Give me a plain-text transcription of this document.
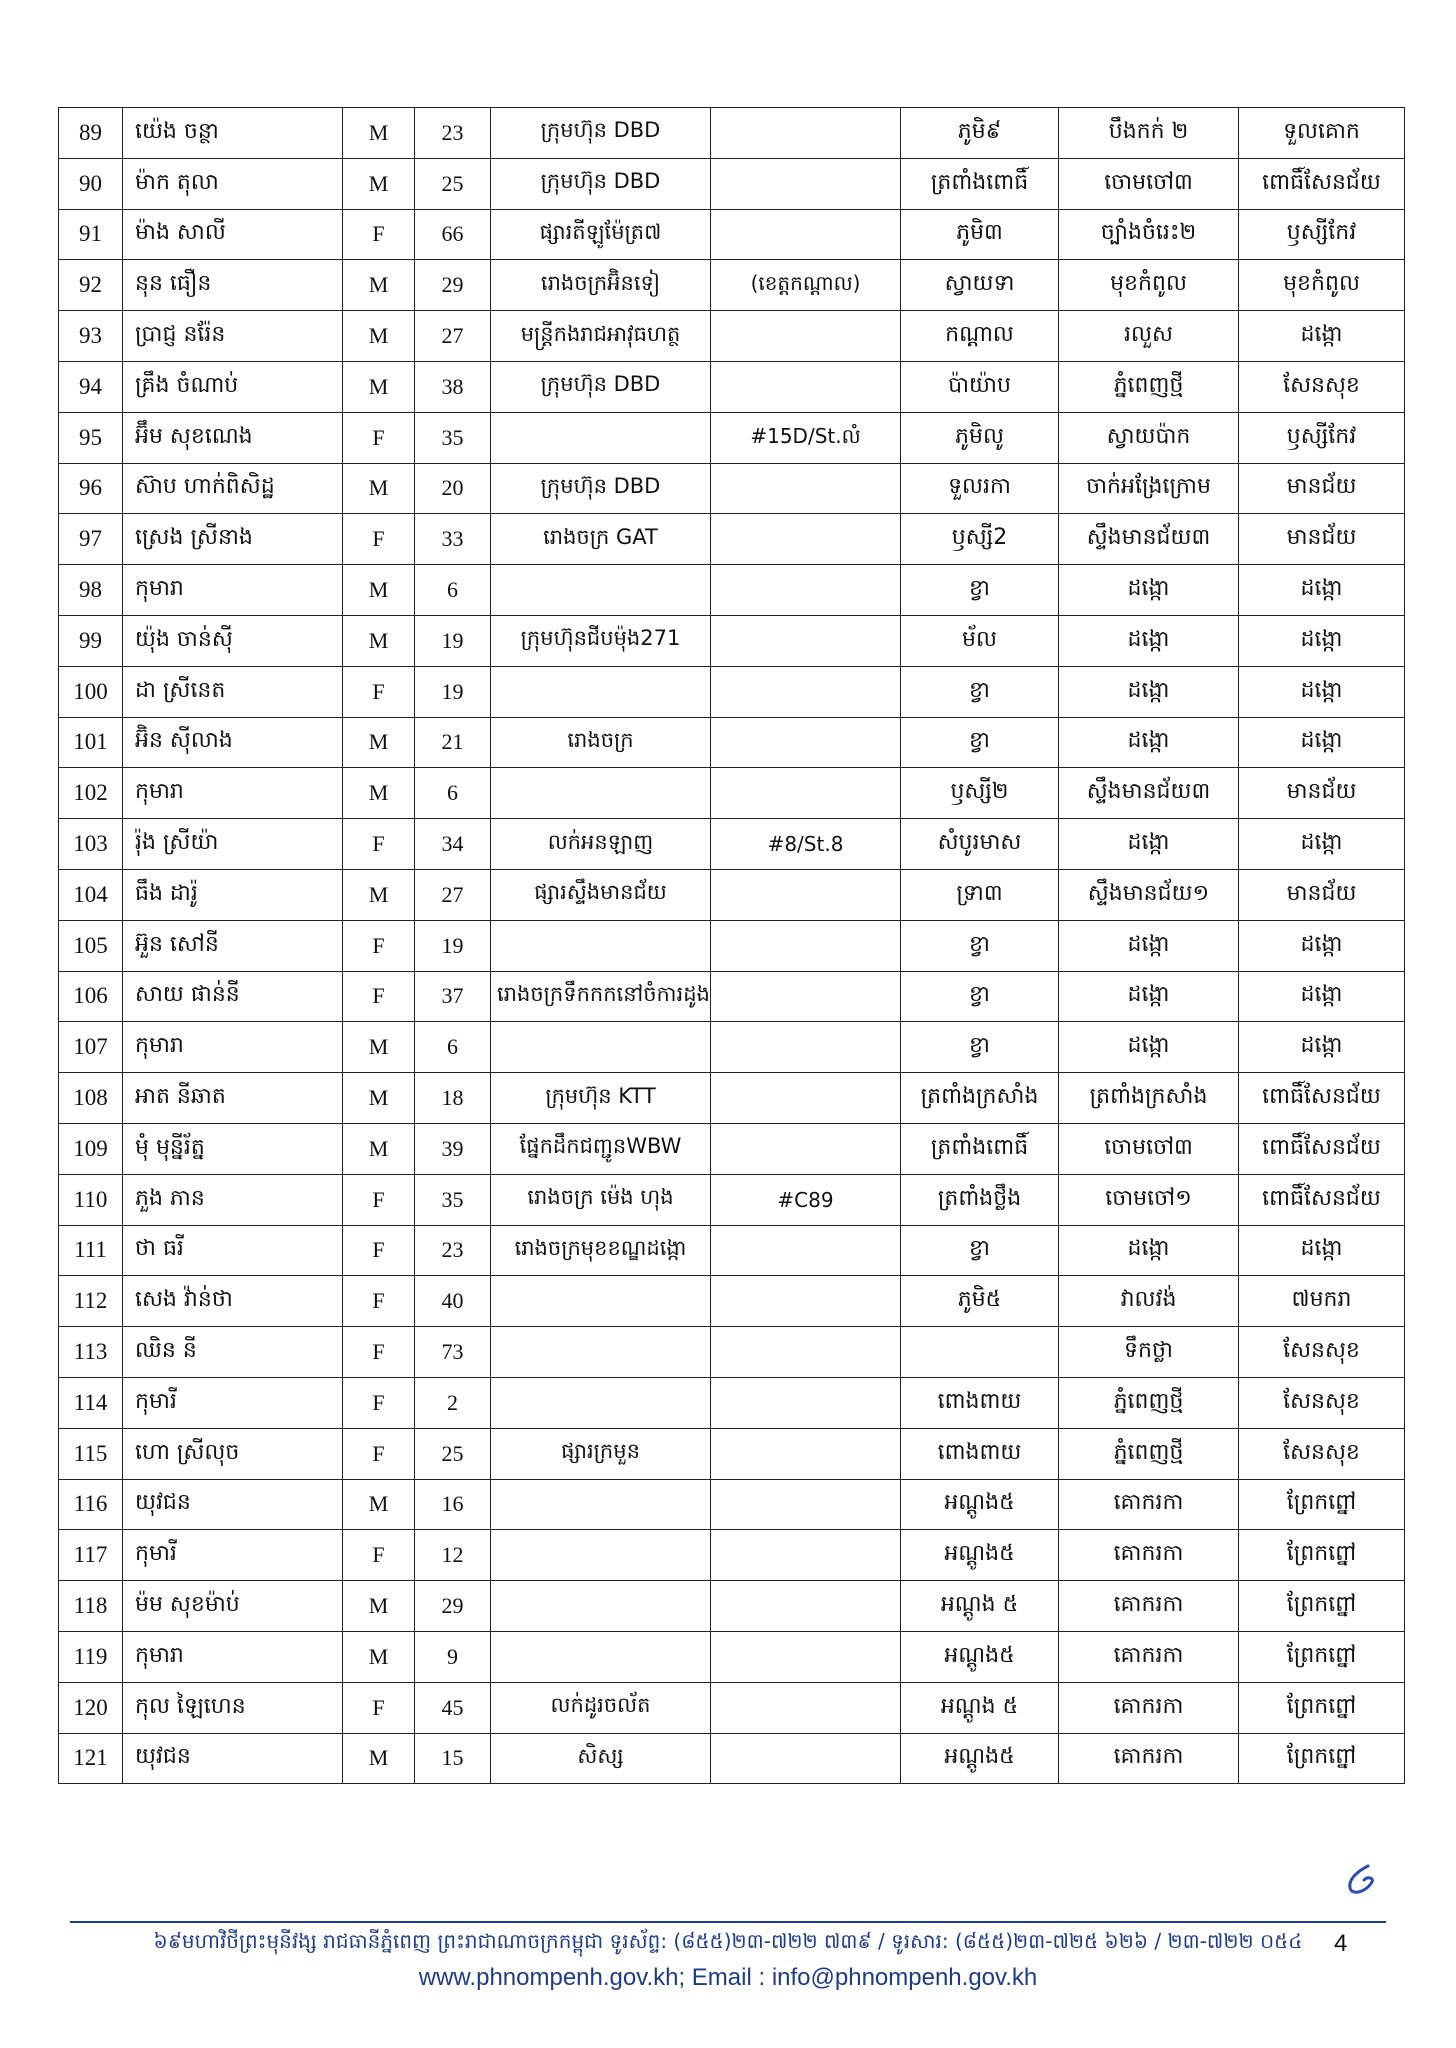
89	យ៉េង ចន្ថា	M	23	ក្រុមហ៊ុន DBD		ភូមិ៩	បឹងកក់ ២	ទួលគោក
90	ម៉ាក តុលា	M	25	ក្រុមហ៊ុន DBD		ត្រពាំងពោធិ៍	ចោមចៅ៣	ពោធិ៍សែនជ័យ
91	ម៉ាង សាលី	F	66	ផ្សារតីឡូម៉ែត្រ៧		ភូមិ៣	ច្បាំងចំរេះ២	ឫស្សីកែវ
92	នុន ធឿន	M	29	រោងចក្រអ៊ិនទៀ	(ខេត្តកណ្ដាល)	ស្វាយទា	មុខកំពូល	មុខកំពូល
93	ប្រាជ្ញ នរ៉ែន	M	27	មន្ត្រីកងរាជអាវុធហត្ថ		កណ្ដាល	រលួស	ដង្កោ
94	គ្រឹង ចំណាប់	M	38	ក្រុមហ៊ុន DBD		ប៉ាយ៉ាប	ភ្នំពេញថ្មី	សែនសុខ
95	អ៊ឹម សុខណេង	F	35		#15D/St.លំ	ភូមិលូ	ស្វាយប៉ាក	ឫស្សីកែវ
96	ស៊ាប ហាក់ពិសិដ្ឋ	M	20	ក្រុមហ៊ុន DBD		ទួលរកា	ចាក់អង្រែក្រោម	មានជ័យ
97	ស្រេង ស្រីនាង	F	33	រោងចក្រ GAT		ឫស្សី2	ស្ទឹងមានជ័យ៣	មានជ័យ
98	កុមារា	M	6			ខ្វា	ដង្កោ	ដង្កោ
99	យ៉ុង ចាន់ស៊ី	M	19	ក្រុមហ៊ុនជីបម៉ុង271		ម័ល	ដង្កោ	ដង្កោ
100	ដា ស្រីនេត	F	19			ខ្វា	ដង្កោ	ដង្កោ
101	អ៊ិន ស៊ីលាង	M	21	រោងចក្រ		ខ្វា	ដង្កោ	ដង្កោ
102	កុមារា	M	6			ឫស្សី២	ស្ទឹងមានជ័យ៣	មានជ័យ
103	រ៉ុង ស្រីយ៉ា	F	34	លក់អនឡាញ	#8/St.8	សំបូរមាស	ដង្កោ	ដង្កោ
104	ធឹង ដារ៉ូ	M	27	ផ្សារស្ទឹងមានជ័យ		ទ្រា៣	ស្ទឹងមានជ័យ១	មានជ័យ
105	អ៊ួន សៅនី	F	19			ខ្វា	ដង្កោ	ដង្កោ
106	សាយ ផាន់នី	F	37	រោងចក្រទឹកកកនៅចំការដូង		ខ្វា	ដង្កោ	ដង្កោ
107	កុមារា	M	6			ខ្វា	ដង្កោ	ដង្កោ
108	អាត នីឆាត	M	18	ក្រុមហ៊ុន KTT		ត្រពាំងក្រសាំង	ត្រពាំងក្រសាំង	ពោធិ៍សែនជ័យ
109	មុំ មុន្នីរ័ត្ន	M	39	ផ្នែកដឹកជញ្ជូនWBW		ត្រពាំងពោធិ៍	ចោមចៅ៣	ពោធិ៍សែនជ័យ
110	ភួង ភាន	F	35	រោងចក្រ ម៉េង ហុង	#C89	ត្រពាំងថ្លឹង	ចោមចៅ១	ពោធិ៍សែនជ័យ
111	ថា ធរី	F	23	រោងចក្រមុខខណ្ឌដង្កោ		ខ្វា	ដង្កោ	ដង្កោ
112	សេង វ៉ាន់ថា	F	40			ភូមិ៥	វាលវង់	៧មករា
113	ឈិន នី	F	73				ទឹកថ្លា	សែនសុខ
114	កុមារី	F	2			ពោងពាយ	ភ្នំពេញថ្មី	សែនសុខ
115	ហោ ស្រីលុច	F	25	ផ្សារក្រមួន		ពោងពាយ	ភ្នំពេញថ្មី	សែនសុខ
116	យុវជន	M	16			អណ្ដូង៥	គោករកា	ព្រែកព្នៅ
117	កុមារី	F	12			អណ្ដូង៥	គោករកា	ព្រែកព្នៅ
118	ម៉ម សុខម៉ាប់	M	29			អណ្ដូង ៥	គោករកា	ព្រែកព្នៅ
119	កុមារា	M	9			អណ្ដូង៥	គោករកា	ព្រែកព្នៅ
120	កុល ឡៃហេន	F	45	លក់ដូរចល័ត		អណ្ដូង ៥	គោករកា	ព្រែកព្នៅ
121	យុវជន	M	15	សិស្ស		អណ្ដូង៥	គោករកា	ព្រែកព្នៅ
៦៩មហាវិថីព្រះមុនីវង្ស រាជធានីភ្នំពេញ ព្រះរាជាណាចក្រកម្ពុជា ទូរស័ព្ទ: (៨៥៥)២៣-៧២២ ៧៣៩ / ទូរសារ: (៨៥៥)២៣-៧២៥ ៦២៦ / ២៣-៧២២ ០៥៤
www.phnompenh.gov.kh; Email : info@phnompenh.gov.kh
4
